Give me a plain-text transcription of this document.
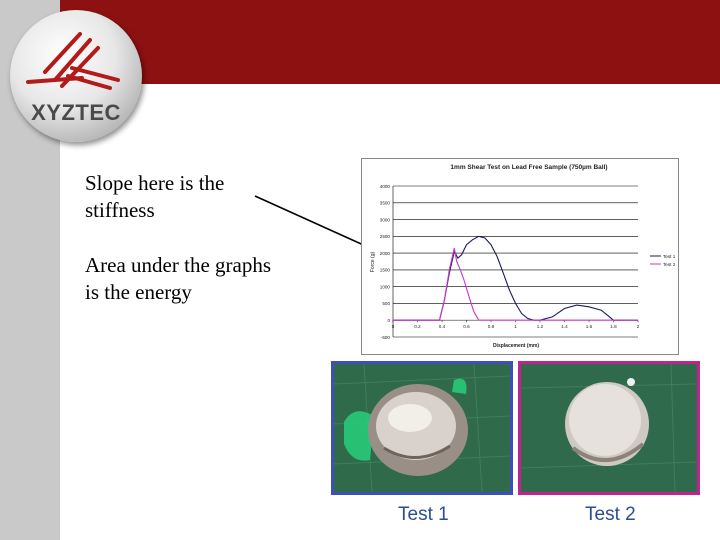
XYZTEC
Slope here is the
stiffness
Area under the graphs
is the energy
1mm Shear Test on Lead Free Sample (750µm Ball)
Force (g)
Displacement (mm)
4000
3500
3000
2500
2000
1500
1000
500
0
-500
0	0.2	0.4	0.6	0.8	1	1.2	1.4	1.6	1.8	2
Test 1
Test 2
Test 1	Test 2
